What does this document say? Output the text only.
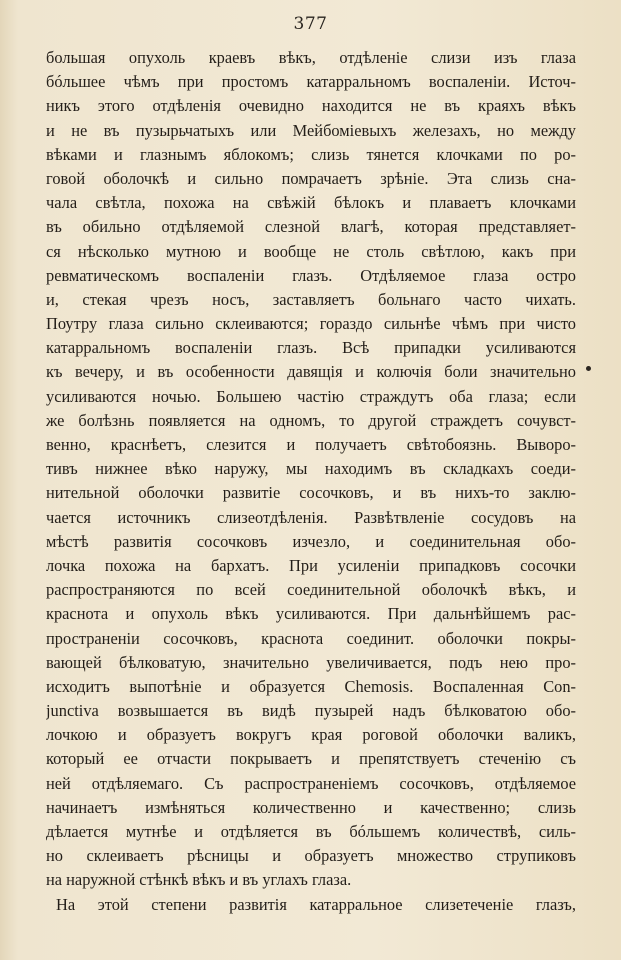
377
большая опухоль краевъ вѣкъ, отдѣленіе слизи изъ глаза
бóльшее чѣмъ при простомъ катарральномъ воспаленіи. Источ-
никъ этого отдѣленія очевидно находится не въ краяхъ вѣкъ
и не въ пузырьчатыхъ или Мейбоміевыхъ железахъ, но между
вѣками и глазнымъ яблокомъ; слизь тянется клочками по ро-
говой оболочкѣ и сильно помрачаетъ зрѣніе. Эта слизь сна-
чала свѣтла, похожа на свѣжій бѣлокъ и плаваетъ клочками
въ обильно отдѣляемой слезной влагѣ, которая представляет-
ся нѣсколько мутною и вообще не столь свѣтлою, какъ при
ревматическомъ воспаленіи глазъ. Отдѣляемое глаза остро
и, стекая чрезъ носъ, заставляетъ больнаго часто чихать.
Поутру глаза сильно склеиваются; гораздо сильнѣе чѣмъ при чисто
катарральномъ воспаленіи глазъ. Всѣ припадки усиливаются
къ вечеру, и въ особенности давящія и колючія боли значительно
усиливаются ночью. Большею частію страждутъ оба глаза; если
же болѣзнь появляется на одномъ, то другой страждетъ сочувст-
венно, краснѣетъ, слезится и получаетъ свѣтобоязнь. Выворо-
тивъ нижнее вѣко наружу, мы находимъ въ складкахъ соеди-
нительной оболочки развитіе сосочковъ, и въ нихъ-то заклю-
чается источникъ слизеотдѣленія. Развѣтвленіе сосудовъ на
мѣстѣ развитія сосочковъ изчезло, и соединительная обо-
лочка похожа на бархатъ. При усиленіи припадковъ сосочки
распространяются по всей соединительной оболочкѣ вѣкъ, и
краснота и опухоль вѣкъ усиливаются. При дальнѣйшемъ рас-
пространеніи сосочковъ, краснота соединит. оболочки покры-
вающей бѣлковатую, значительно увеличивается, подъ нею про-
исходитъ выпотѣніе и образуется Chemosis. Воспаленная Con-
junctiva возвышается въ видѣ пузырей надъ бѣлковатою обо-
лочкою и образуетъ вокругъ края роговой оболочки валикъ,
который ее отчасти покрываетъ и препятствуетъ стеченію съ
ней отдѣляемаго. Съ распространеніемъ сосочковъ, отдѣляемое
начинаетъ измѣняться количественно и качественно; слизь
дѣлается мутнѣе и отдѣляется въ бóльшемъ количествѣ, силь-
но склеиваетъ рѣсницы и образуетъ множество струпиковъ
на наружной стѣнкѣ вѣкъ и въ углахъ глаза.
На этой степени развитія катарральное слизетеченіе глазъ,
